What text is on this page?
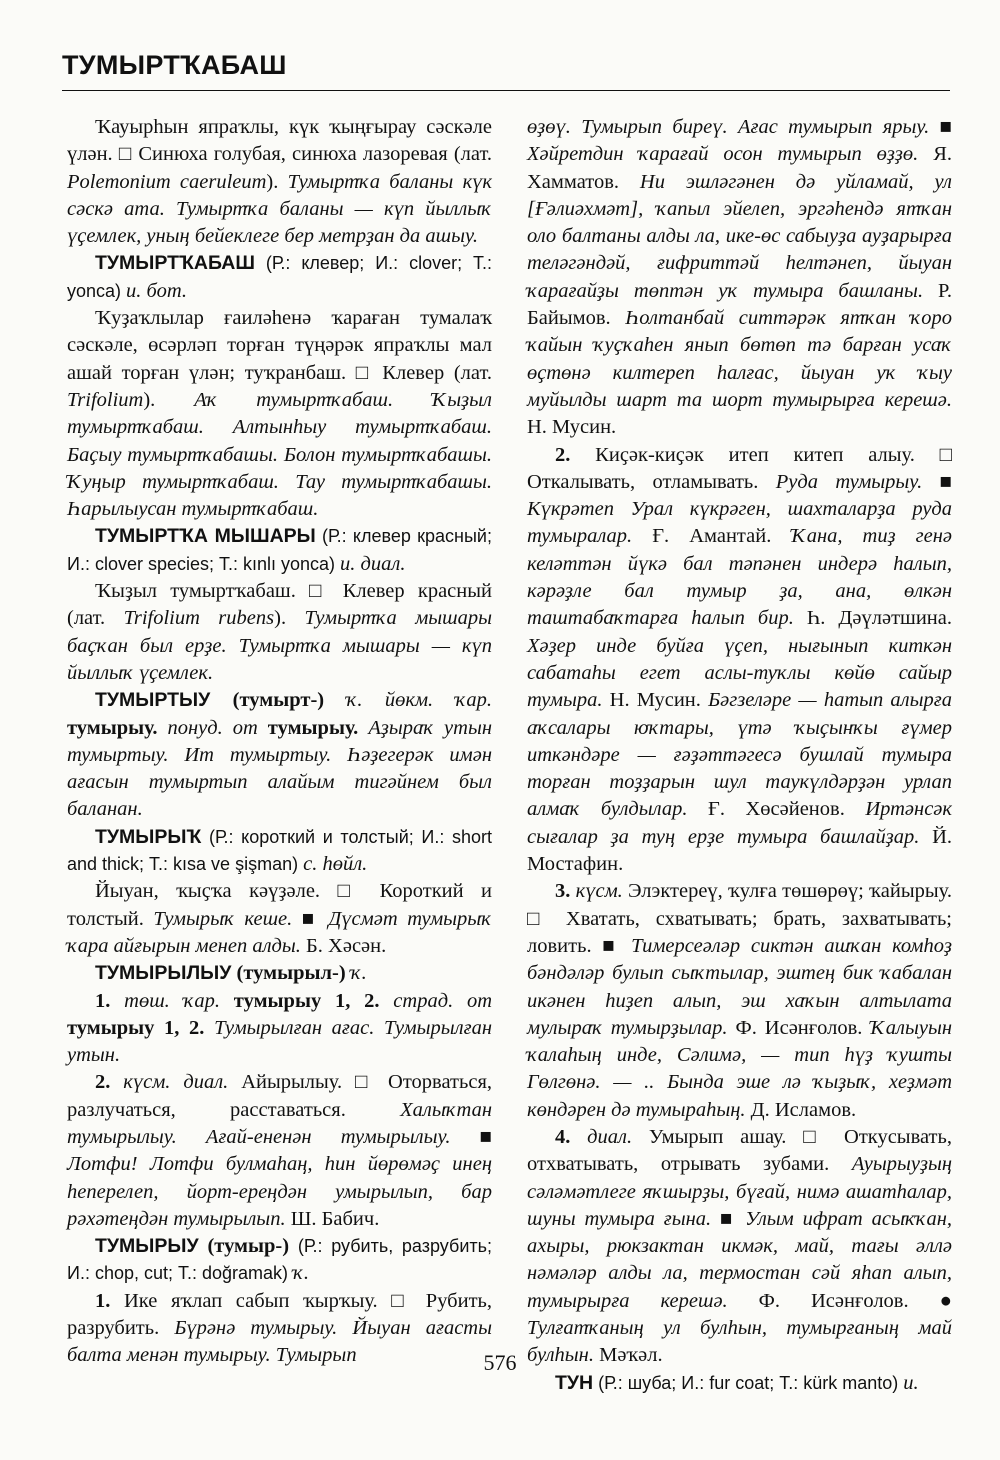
ТУМЫРТҠАБАШ

Ҡауырһын япраҡлы, күк ҡыңғырау сәскәле үлән. □ Синюха голубая, синюха лазоревая (лат. Polemonium caeruleum). Тумыртҡа баланы күк сәскә ата. Тумыртҡа баланы — күп йыллыҡ үҫемлек, уның бейеклеге бер метрҙан да ашыу.

ТУМЫРТҠАБАШ (Р.: клевер; И.: clover; Т.: yonca) и. бот.

Ҡуҙаҡлылар ғаиләһенә ҡараған тумалаҡ сәскәле, өсәрләп торған түңәрәк япраҡлы мал ашай торған үлән; туҡранбаш. □ Клевер (лат. Trifolium). Аҡ тумыртҡабаш. Ҡыҙыл тумыртҡабаш. Алтынһыу тумыртҡабаш. Баҫыу тумыртҡабашы. Болон тумыртҡабашы. Ҡуңыр тумыртҡабаш. Тау тумыртҡабашы. Һарылыусан тумыртҡабаш.

ТУМЫРТҠА МЫШАРЫ (Р.: клевер красный; И.: clover species; Т.: kınlı yonca) и. диал.

Ҡыҙыл тумыртҡабаш. □ Клевер красный (лат. Trifolium rubens). Тумыртҡа мышары баҫҡан был ерҙе. Тумыртҡа мышары — күп йыллыҡ үҫемлек.

ТУМЫРТЫУ (тумырт-) ҡ. йөкм. ҡар. тумырыу. понуд. от тумырыу. Аҙыраҡ утын тумыртыу. Ит тумыртыу. Һәҙегерәк имән ағасын тумыртып алайым тигәйнем был баланан.

ТУМЫРЫҠ (Р.: короткий и толстый; И.: short and thick; Т.: kısa ve şişman) с. һөйл.

Йыуан, ҡыҫҡа кәүҙәле. □ Короткий и толстый. Тумырыҡ кеше. ■ Дүсмәт тумырыҡ ҡара айғырын менеп алды. Б. Хәсән.

ТУМЫРЫЛЫУ (тумырыл-) ҡ.

1. төш. ҡар. тумырыу 1, 2. страд. от тумырыу 1, 2. Тумырылған ағас. Тумырылған утын.

2. күсм. диал. Айырылыу. □ Оторваться, разлучаться, расставаться. Халыҡтан тумырылыу. Ағай-ененән тумырылыу. ■ Лотфи! Лотфи булмаһаң, һин йөрөмәҫ инең һеперелеп, йорт-ереңдән умырылып, бар рәхәтеңдән тумырылып. Ш. Бабич.

ТУМЫРЫУ (тумыр-) (Р.: рубить, разрубить; И.: chop, cut; Т.: doğramak) ҡ.

1. Ике яҡлап сабып ҡырҡыу. □ Рубить, разрубить. Бүрәнә тумырыу. Йыуан ағасты балта менән тумырыу. Тумырып

өҙөү. Тумырып биреү. Ағас тумырып ярыу. ■ Хәйретдин ҡарағай осон тумырып өҙҙө. Я. Хамматов. Ни эшләгәнен дә уйламай, ул [Ғәлиәхмәт], ҡапыл эйелеп, эргәһендә ятҡан оло балтаны алды ла, ике-өс сабыуҙа ауҙарырға теләгәндәй, ғифриттәй һелтәнеп, йыуан ҡарағайҙы төптән уҡ тумыра башланы. Р. Байымов. Һолтанбай ситтәрәк ятҡан ҡоро ҡайын ҡуҫҡаһен янып бөтөп тә барған усаҡ өҫтөнә килтереп һалғас, йыуан уҡ ҡыу муйылды шарт та шорт тумырырға керешә. Н. Мусин.

2. Киҫәк-киҫәк итеп китеп алыу. □ Откалывать, отламывать. Руда тумырыу. ■ Күкрәтеп Урал күкрәген, шахталарҙа руда тумыралар. Ғ. Амантай. Ҡана, тиҙ генә келәттән йүкә бал тәпәнен индерә һалып, кәрәҙле бал тумыр ҙа, ана, өлкән таштабаҡтарға һалып бир. Һ. Дәүләтшина. Хәҙер инде буйға үҫеп, нығынып киткән сабатаһы егет аслы-туҡлы көйө сайыр тумыра. Н. Мусин. Бәгзеләре — һатып алырға аҡсалары юҡтары, үтә ҡыҫынҡы ғүмер иткәндәре — ғәҙәттәгесә бушлай тумыра торған тоҙҙарын шул таукүлдәрҙән урлап алмаҡ булдылар. Ғ. Хөсәйенов. Иртәнсәк сығалар ҙа туң ерҙе тумыра башлайҙар. Й. Мостафин.

3. күсм. Элэктереү, ҡулға төшөрөү; ҡайырыу. □ Хватать, схватывать; брать, захватывать; ловить. ■ Тимерсеәләр сиктән ашҡан комһоҙ бәндәләр булып сыҡтылар, эштең бик ҡабалан икәнен һиҙеп алып, эш хаҡын алтылата мулыраҡ тумырҙылар. Ф. Исәнғолов. Ҡалыуын ҡалаһың инде, Сәлимә, — тип һүҙ ҡушты Гөлгөнә. — .. Бында эше лә ҡыҙыҡ, хеҙмәт көндәрен дә тумыраһың. Д. Исламов.

4. диал. Умырып ашау. □ Откусывать, отхватывать, отрывать зубами. Ауырыуҙың сәләмәтлеге яҡшырҙы, бүғай, нимә ашатһалар, шуны тумыра ғына. ■ Улым ифрат асыҡҡан, ахыры, рюкзактан икмәк, май, тағы әллә нәмәләр алды ла, термостан сәй яһап алып, тумырырға керешә. Ф. Исәнғолов. ● Тулғатҡаның ул булһын, тумырғаның май булһын. Мәҡәл.

ТУН (Р.: шуба; И.: fur coat; Т.: kürk manto) и.

576
